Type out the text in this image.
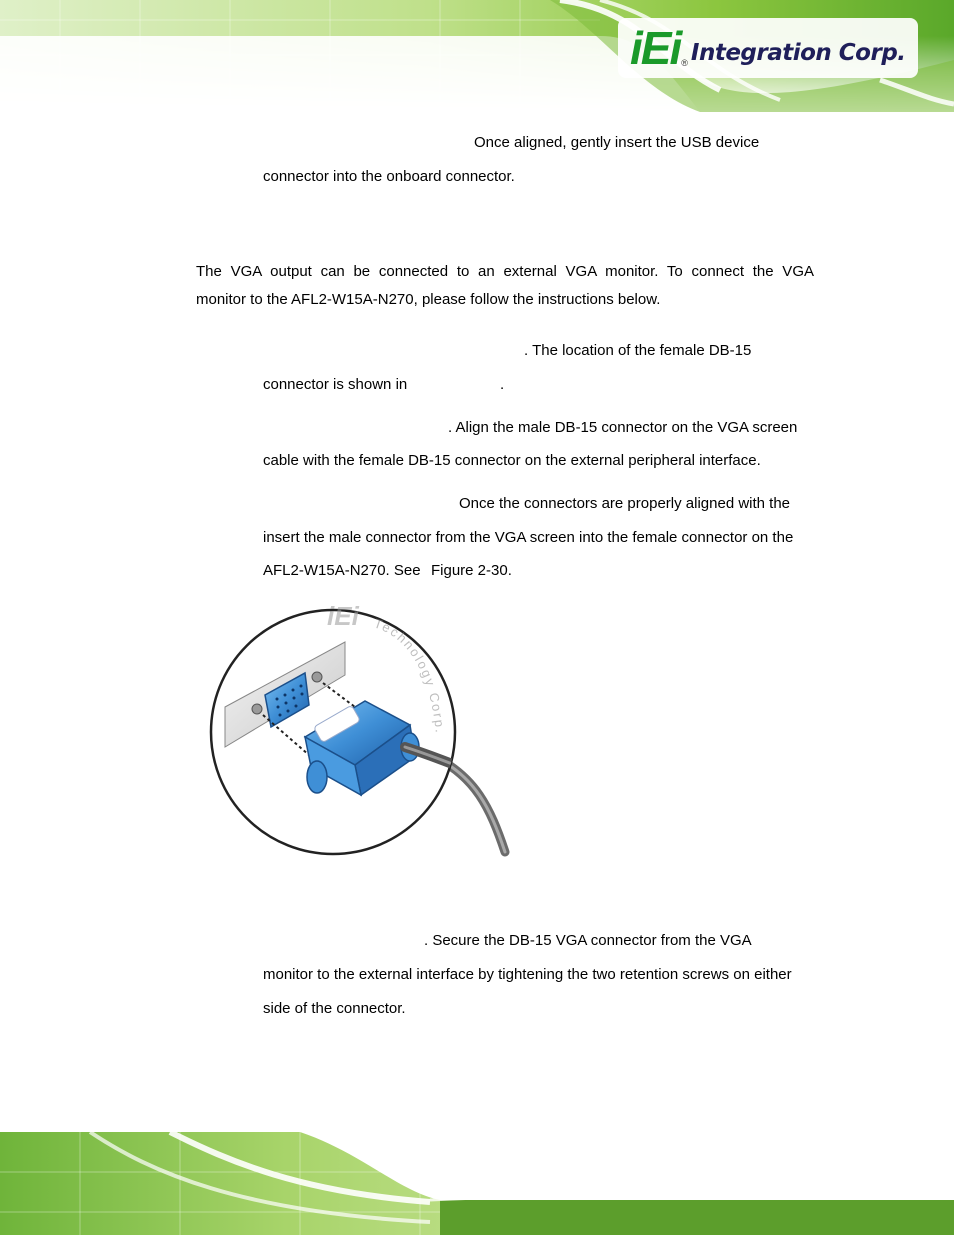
iEi ® Integration Corp.
Once aligned, gently insert the USB device
connector into the onboard connector.
The VGA output can be connected to an external VGA monitor. To connect the VGA
monitor to the AFL2-W15A-N270, please follow the instructions below.
. The location of the female DB-15
connector is shown in	.
. Align the male DB-15 connector on the VGA screen
cable with the female DB-15 connector on the external peripheral interface.
Once the connectors are properly aligned with the
insert the male connector from the VGA screen into the female connector on the
AFL2-W15A-N270. See Figure 2-30.
iEi Technology Corp.
. Secure the DB-15 VGA connector from the VGA
monitor to the external interface by tightening the two retention screws on either
side of the connector.
